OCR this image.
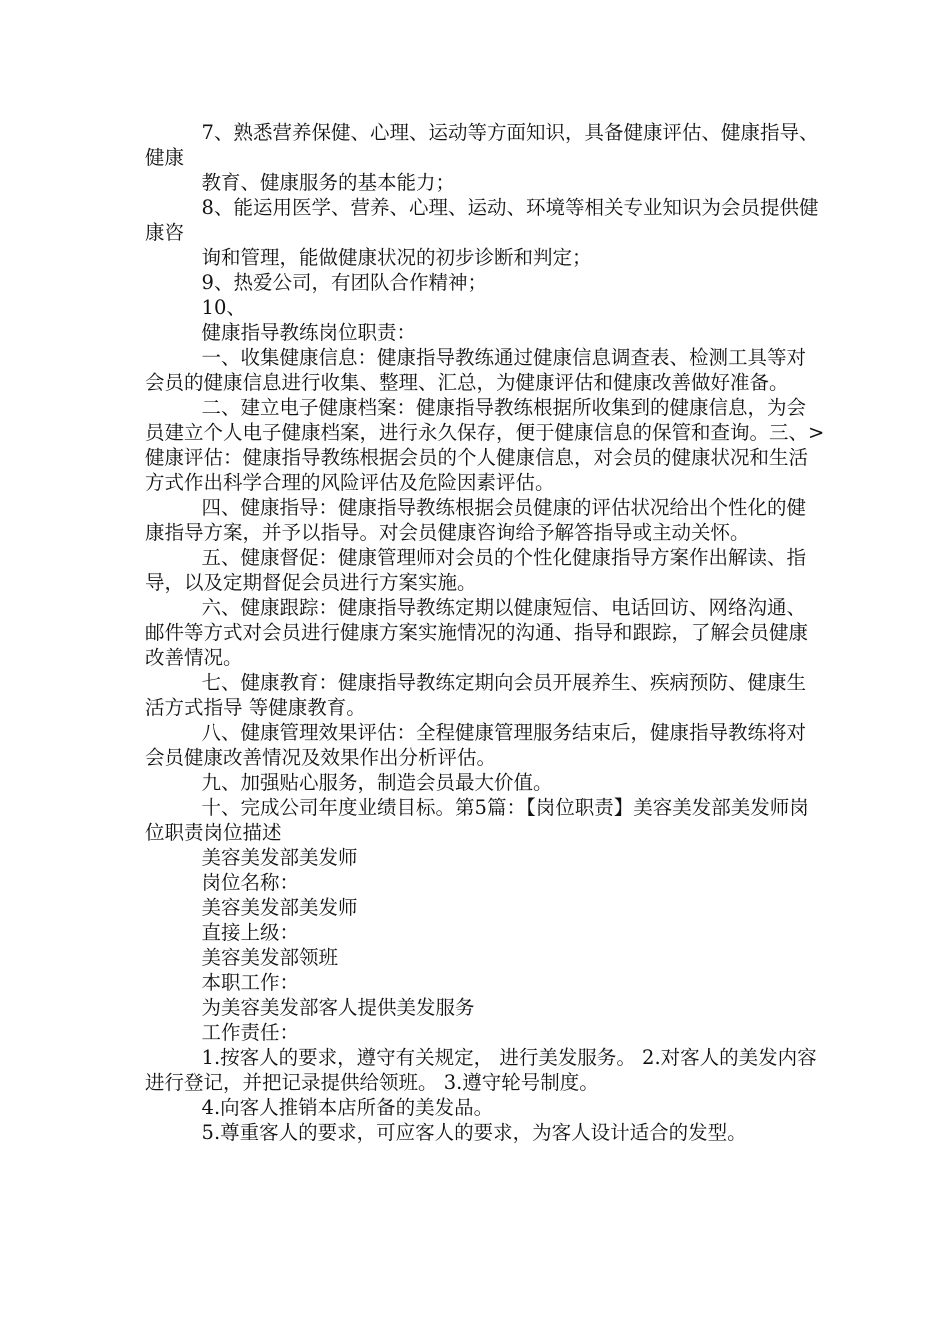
7、熟悉营养保健、心理、运动等方面知识，具备健康评估、健康指导、健康

教育、健康服务的基本能力；

8、能运用医学、营养、心理、运动、环境等相关专业知识为会员提供健康咨

询和管理，能做健康状况的初步诊断和判定；

9、热爱公司，有团队合作精神；

10、

健康指导教练岗位职责：

一、收集健康信息：健康指导教练通过健康信息调查表、检测工具等对会员的健康信息进行收集、整理、汇总，为健康评估和健康改善做好准备。

二、建立电子健康档案：健康指导教练根据所收集到的健康信息，为会员建立个人电子健康档案，进行永久保存，便于健康信息的保管和查询。三、>健康评估：健康指导教练根据会员的个人健康信息，对会员的健康状况和生活方式作出科学合理的风险评估及危险因素评估。

四、健康指导：健康指导教练根据会员健康的评估状况给出个性化的健康指导方案，并予以指导。对会员健康咨询给予解答指导或主动关怀。

五、健康督促：健康管理师对会员的个性化健康指导方案作出解读、指导，以及定期督促会员进行方案实施。

六、健康跟踪：健康指导教练定期以健康短信、电话回访、网络沟通、邮件等方式对会员进行健康方案实施情况的沟通、指导和跟踪，了解会员健康改善情况。

七、健康教育：健康指导教练定期向会员开展养生、疾病预防、健康生活方式指导 等健康教育。

八、健康管理效果评估：全程健康管理服务结束后，健康指导教练将对会员健康改善情况及效果作出分析评估。

九、加强贴心服务，制造会员最大价值。

十、完成公司年度业绩目标。第5篇：【岗位职责】美容美发部美发师岗位职责岗位描述

美容美发部美发师

岗位名称：

美容美发部美发师

直接上级：

美容美发部领班

本职工作：

为美容美发部客人提供美发服务

工作责任：

1.按客人的要求，遵守有关规定， 进行美发服务。 2.对客人的美发内容进行登记，并把记录提供给领班。 3.遵守轮号制度。

4.向客人推销本店所备的美发品。

5.尊重客人的要求，可应客人的要求，为客人设计适合的发型。
